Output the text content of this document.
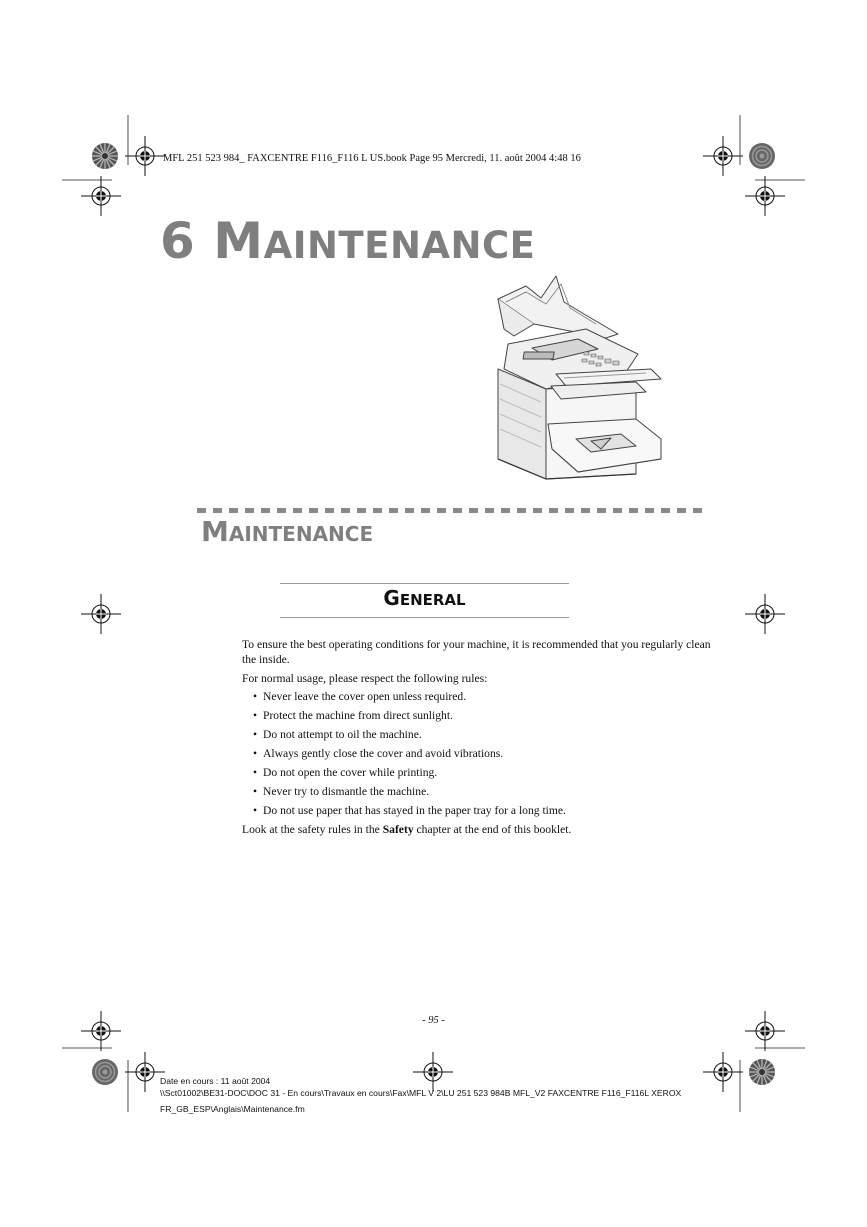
MFL 251 523 984_ FAXCENTRE F116_F116 L US.book Page 95 Mercredi, 11. août 2004 4:48 16
6 MAINTENANCE
MAINTENANCE
GENERAL

To ensure the best operating conditions for your machine, it is recommended that you regularly clean the inside.

For normal usage, please respect the following rules:

• Never leave the cover open unless required.
• Protect the machine from direct sunlight.
• Do not attempt to oil the machine.
• Always gently close the cover and avoid vibrations.
• Do not open the cover while printing.
• Never try to dismantle the machine.
• Do not use paper that has stayed in the paper tray for a long time.

Look at the safety rules in the Safety chapter at the end of this booklet.

- 95 -
Date en cours : 11 août 2004
\\Sct01002\BE31-DOC\DOC 31 - En cours\Travaux en cours\Fax\MFL V 2\LU 251 523 984B MFL_V2 FAXCENTRE F116_F116L XEROX
FR_GB_ESP\Anglais\Maintenance.fm
